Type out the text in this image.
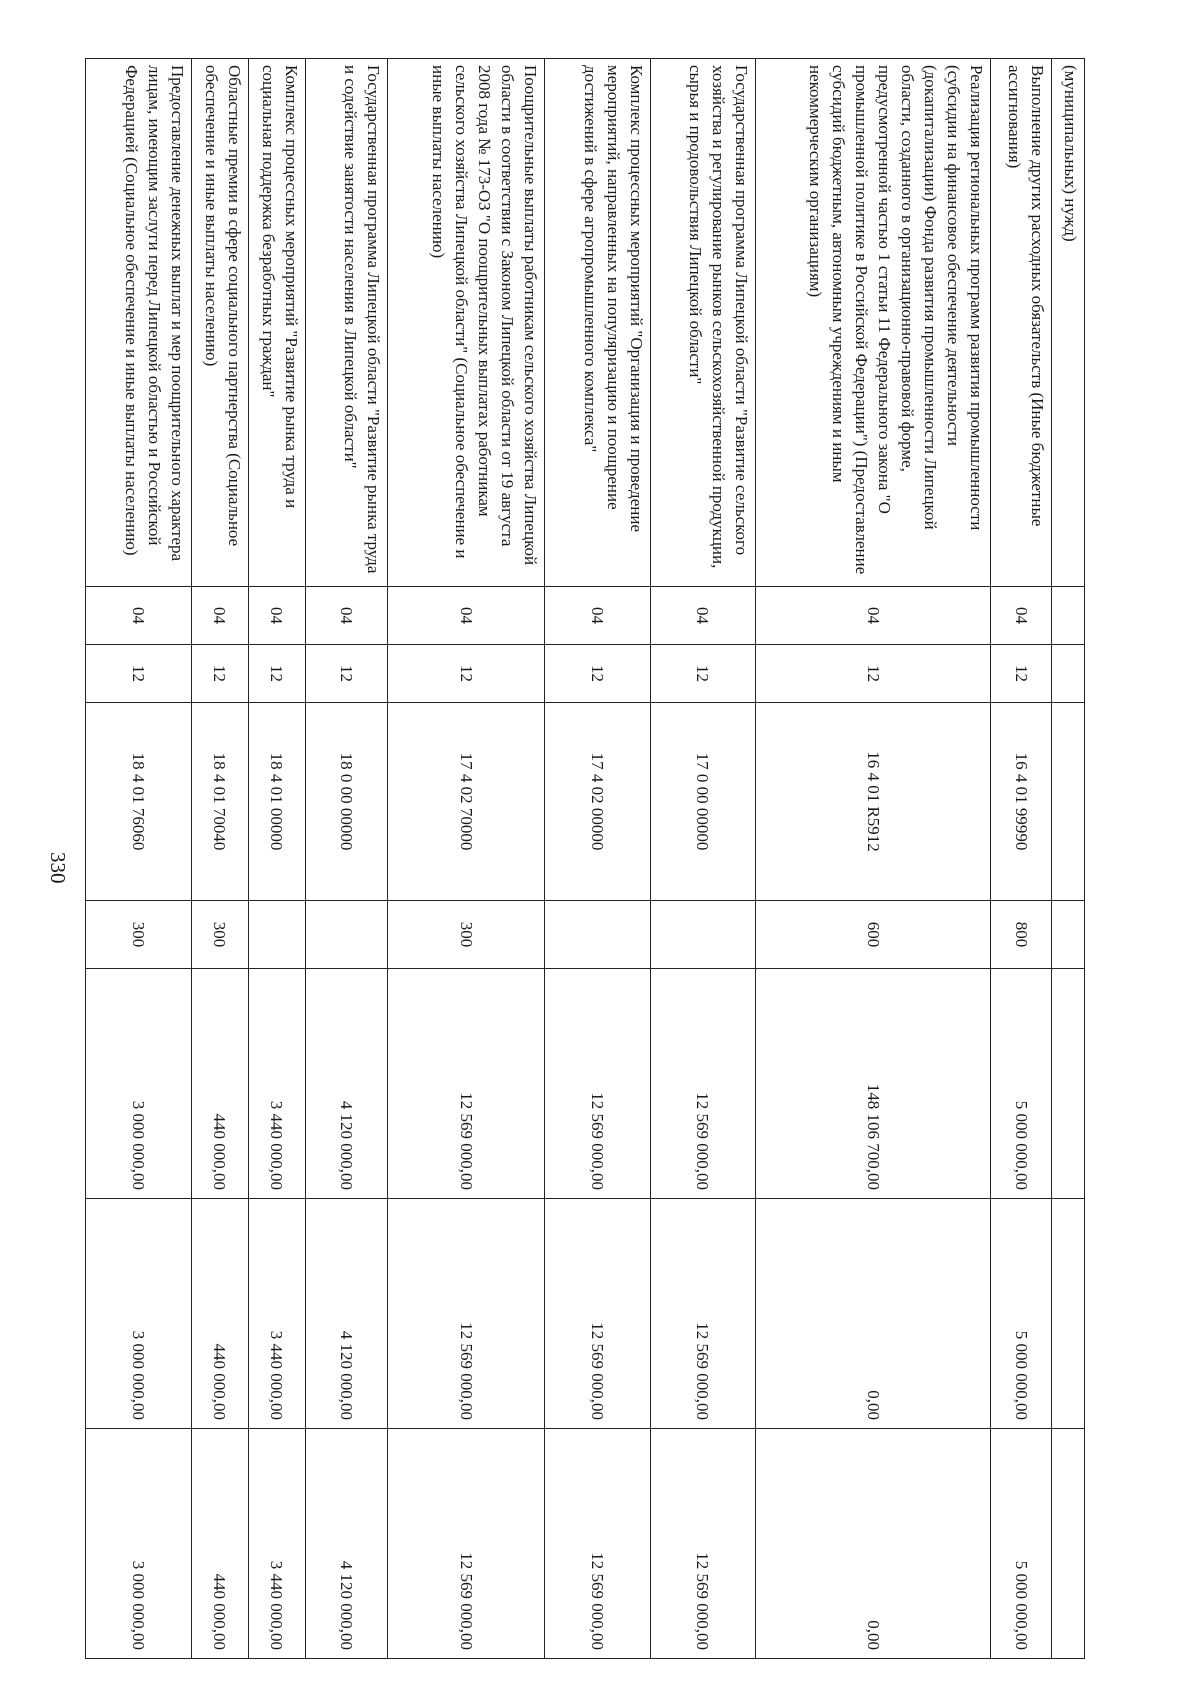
330
(муниципальных) нужд)							
Выполнение других расходных обязательств (Иные бюджетные ассигнования)	04	12	16 4 01 99990	800	5 000 000,00	5 000 000,00	5 000 000,00
Реализация региональных программ развития промышленности (субсидии на финансовое обеспечение деятельности (докапитализации) Фонда развития промышленности Липецкой области, созданного в организационно-правовой форме, предусмотренной частью 1 статьи 11 Федерального закона "О промышленной политике в Российской Федерации") (Предоставление субсидий бюджетным, автономным учреждениям и иным некоммерческим организациям)	04	12	16 4 01 R5912	600	148 106 700,00	0,00	0,00
Государственная программа Липецкой области "Развитие сельского хозяйства и регулирование рынков сельскохозяйственной продукции, сырья и продовольствия Липецкой области"	04	12	17 0 00 00000		12 569 000,00	12 569 000,00	12 569 000,00
Комплекс процессных мероприятий "Организация и проведение мероприятий, направленных на популяризацию и поощрение достижений в сфере агропромышленного комплекса"	04	12	17 4 02 00000		12 569 000,00	12 569 000,00	12 569 000,00
Поощрительные выплаты работникам сельского хозяйства Липецкой области в соответствии с Законом Липецкой области от 19 августа 2008 года № 173-ОЗ "О поощрительных выплатах работникам сельского хозяйства Липецкой области" (Социальное обеспечение и иные выплаты населению)	04	12	17 4 02 70000	300	12 569 000,00	12 569 000,00	12 569 000,00
Государственная программа Липецкой области "Развитие рынка труда и содействие занятости населения в Липецкой области"	04	12	18 0 00 00000		4 120 000,00	4 120 000,00	4 120 000,00
Комплекс процессных мероприятий "Развитие рынка труда и социальная поддержка безработных граждан"	04	12	18 4 01 00000		3 440 000,00	3 440 000,00	3 440 000,00
Областные премии в сфере социального партнерства (Социальное обеспечение и иные выплаты населению)	04	12	18 4 01 70040	300	440 000,00	440 000,00	440 000,00
Предоставление денежных выплат и мер поощрительного характера лицам, имеющим заслуги перед Липецкой областью и Российской Федерацией (Социальное обеспечение и иные выплаты населению)	04	12	18 4 01 76060	300	3 000 000,00	3 000 000,00	3 000 000,00
